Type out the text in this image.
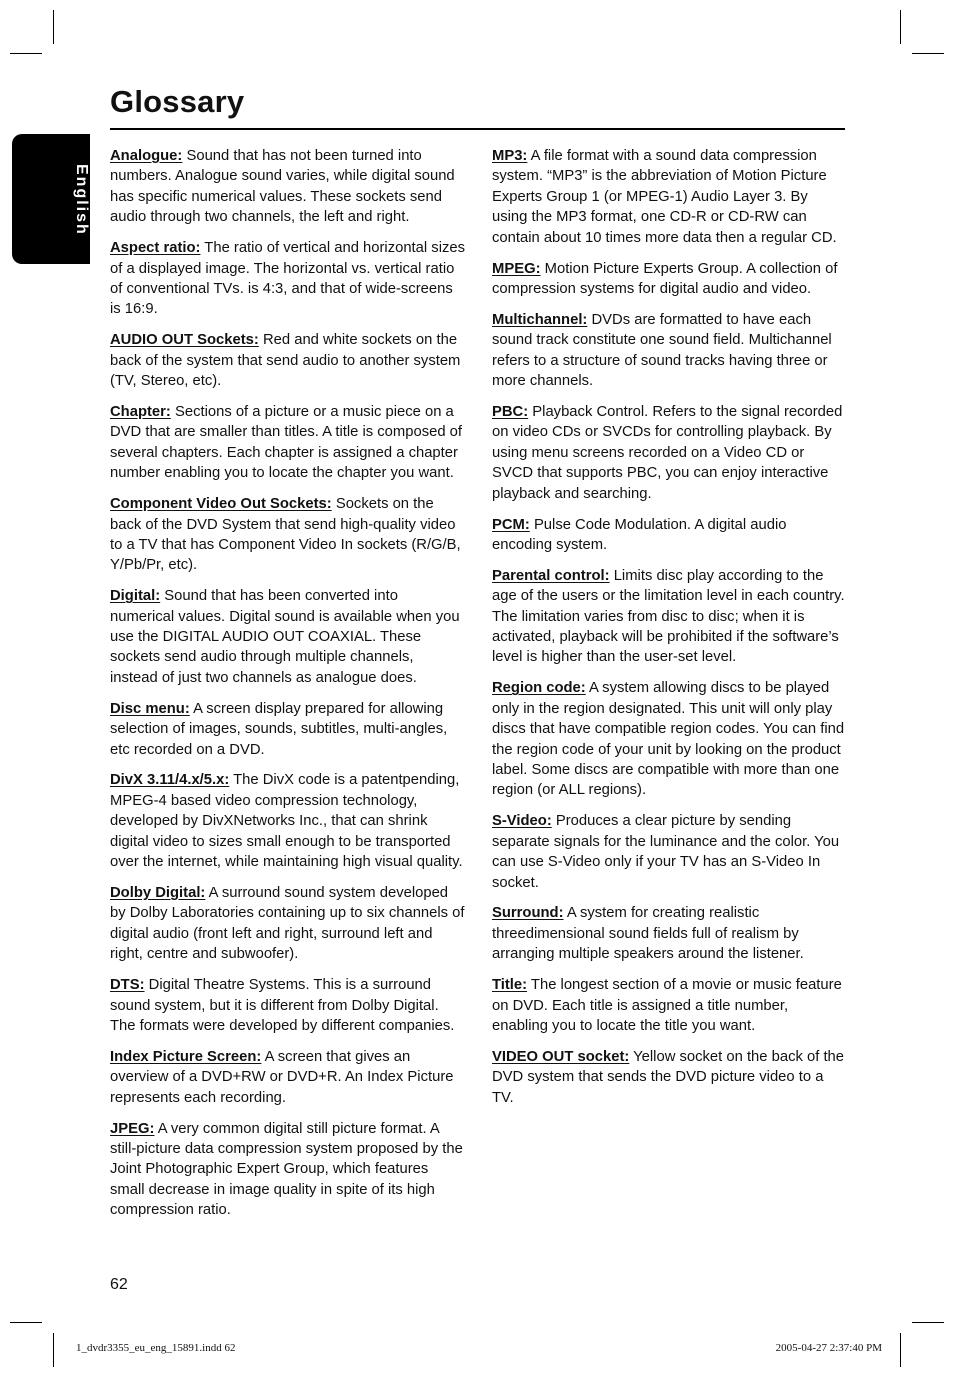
Glossary
English

Analogue: Sound that has not been turned into numbers. Analogue sound varies, while digital sound has specific numerical values. These sockets send audio through two channels, the left and right.

Aspect ratio: The ratio of vertical and horizontal sizes of a displayed image. The horizontal vs. vertical ratio of conventional TVs. is 4:3, and that of wide-screens is 16:9.

AUDIO OUT Sockets: Red and white sockets on the back of the system that send audio to another system (TV, Stereo, etc).

Chapter: Sections of a picture or a music piece on a DVD that are smaller than titles. A title is composed of several chapters. Each chapter is assigned a chapter number enabling you to locate the chapter you want.

Component Video Out Sockets: Sockets on the back of the DVD System that send high-quality video to a TV that has Component Video In sockets (R/G/B, Y/Pb/Pr, etc).

Digital: Sound that has been converted into numerical values. Digital sound is available when you use the DIGITAL AUDIO OUT COAXIAL. These sockets send audio through multiple channels, instead of just two channels as analogue does.

Disc menu: A screen display prepared for allowing selection of images, sounds, subtitles, multi-angles, etc recorded on a DVD.

DivX 3.11/4.x/5.x: The DivX code is a patentpending, MPEG-4 based video compression technology, developed by DivXNetworks Inc., that can shrink digital video to sizes small enough to be transported over the internet, while maintaining high visual quality.

Dolby Digital: A surround sound system developed by Dolby Laboratories containing up to six channels of digital audio (front left and right, surround left and right, centre and subwoofer).

DTS: Digital Theatre Systems. This is a surround sound system, but it is different from Dolby Digital. The formats were developed by different companies.

Index Picture Screen: A screen that gives an overview of a DVD+RW or DVD+R. An Index Picture represents each recording.

JPEG: A very common digital still picture format. A still-picture data compression system proposed by the Joint Photographic Expert Group, which features small decrease in image quality in spite of its high compression ratio.

MP3: A file format with a sound data compression system. “MP3” is the abbreviation of Motion Picture Experts Group 1 (or MPEG-1) Audio Layer 3. By using the MP3 format, one CD-R or CD-RW can contain about 10 times more data then a regular CD.

MPEG: Motion Picture Experts Group. A collection of compression systems for digital audio and video.

Multichannel: DVDs are formatted to have each sound track constitute one sound field. Multichannel refers to a structure of sound tracks having three or more channels.

PBC: Playback Control. Refers to the signal recorded on video CDs or SVCDs for controlling playback. By using menu screens recorded on a Video CD or SVCD that supports PBC, you can enjoy interactive playback and searching.

PCM: Pulse Code Modulation. A digital audio encoding system.

Parental control: Limits disc play according to the age of the users or the limitation level in each country. The limitation varies from disc to disc; when it is activated, playback will be prohibited if the software’s level is higher than the user-set level.

Region code: A system allowing discs to be played only in the region designated. This unit will only play discs that have compatible region codes. You can find the region code of your unit by looking on the product label. Some discs are compatible with more than one region (or ALL regions).

S-Video: Produces a clear picture by sending separate signals for the luminance and the color. You can use S-Video only if your TV has an S-Video In socket.

Surround: A system for creating realistic threedimensional sound fields full of realism by arranging multiple speakers around the listener.

Title: The longest section of a movie or music feature on DVD. Each title is assigned a title number, enabling you to locate the title you want.

VIDEO OUT socket: Yellow socket on the back of the DVD system that sends the DVD picture video to a TV.

62
1_dvdr3355_eu_eng_15891.indd 62	2005-04-27 2:37:40 PM
